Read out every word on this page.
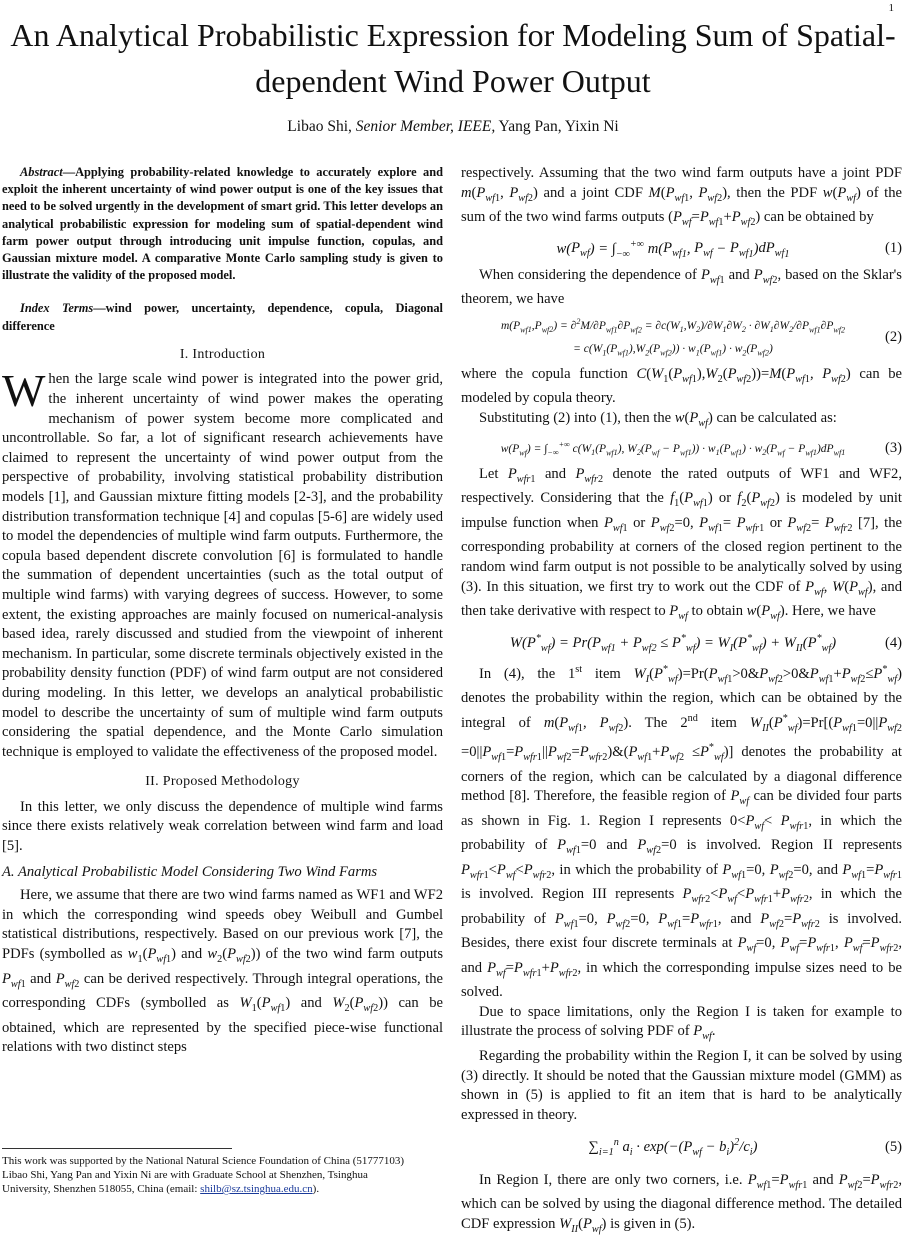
1
An Analytical Probabilistic Expression for Modeling Sum of Spatial-dependent Wind Power Output
Libao Shi, Senior Member, IEEE, Yang Pan, Yixin Ni

Abstract—Applying probability-related knowledge to accurately explore and exploit the inherent uncertainty of wind power output is one of the key issues that need to be solved urgently in the development of smart grid. This letter develops an analytical probabilistic expression for modeling sum of spatial-dependent wind farm power output through introducing unit impulse function, copulas, and Gaussian mixture model. A comparative Monte Carlo sampling study is given to illustrate the validity of the proposed model.

Index Terms—wind power, uncertainty, dependence, copula, Diagonal difference

I. Introduction

When the large scale wind power is integrated into the power grid, the inherent uncertainty of wind power makes the operating mechanism of power system become more complicated and uncontrollable. So far, a lot of significant research achievements have claimed to represent the uncertainty of wind power output from the perspective of probability, involving statistical probability distribution models [1], and Gaussian mixture fitting models [2-3], and the probability distribution transformation technique [4] and copulas [5-6] are widely used to model the dependencies of multiple wind farm outputs. Furthermore, the copula based dependent discrete convolution [6] is formulated to handle the summation of dependent uncertainties (such as the total output of multiple wind farms) with varying degrees of success. However, to some extent, the existing approaches are mainly focused on numerical-analysis based idea, rarely discussed and studied from the viewpoint of inherent mechanism. In particular, some discrete terminals objectively existed in the probability density function (PDF) of wind farm output are not considered during modeling. In this letter, we develops an analytical probabilistic model to describe the uncertainty of sum of multiple wind farm outputs considering the spatial dependence, and the Monte Carlo simulation technique is employed to validate the effectiveness of the proposed model.

II. Proposed Methodology

In this letter, we only discuss the dependence of multiple wind farms since there exists relatively weak correlation between wind farm and load [5].

A. Analytical Probabilistic Model Considering Two Wind Farms

Here, we assume that there are two wind farms named as WF1 and WF2 in which the corresponding wind speeds obey Weibull and Gumbel statistical distributions, respectively. Based on our previous work [7], the PDFs (symbolled as $w_1(P_{wf1})$ and $w_2(P_{wf2})$) of the two wind farm outputs $P_{wf1}$ and $P_{wf2}$ can be derived respectively. Through integral operations, the corresponding CDFs (symbolled as $W_1(P_{wf1})$ and $W_2(P_{wf2})$) can be obtained, which are represented by the specified piece-wise functional relations with two distinct steps

respectively. Assuming that the two wind farm outputs have a joint PDF $m(P_{wf1}$, $P_{wf2}$) and a joint CDF $M(P_{wf1}$, $P_{wf2}$), then the PDF $w(P_{wf})$ of the sum of the two wind farms outputs $(P_{wf}=P_{wf1}+P_{wf2})$ can be obtained by

$w(P_{wf}) = \int_{-\infty}^{+\infty}$ $m(P_{wf1}$, $P_{wf} - P_{wf1})dP_{wf1}$	(1)

When considering the dependence of $P_{wf1}$ and $P_{wf2}$, based on the Sklar's theorem, we have

$m(P_{wf1},P_{wf2}) = \partial^2M/\partial P_{wf1}\partial P_{wf2} = \partial c(W_1,W_2)/\partial W_1\partial W_2 \cdot \partial W_1\partial W_2/\partial P_{wf1}\partial P_{wf2}$
= $c(W_1(P_{wf1}),W_2(P_{wf2})) \cdot w_1(P_{wf1}) \cdot w_2(P_{wf2})$
(2)

where the copula function $C(W_1(P_{wf1}),W_2(P_{wf2}))=M(P_{wf1}$, $P_{wf2}$) can be modeled by copula theory.

Substituting (2) into (1), then the $w(P_{wf})$ can be calculated as:

$w(P_{wf}) = \int_{-\infty}^{+\infty}$ $c(W_1(P_{wf1})$, $W_2(P_{wf} - P_{wf1})) \cdot w_1(P_{wf1}) \cdot w_2(P_{wf} - P_{wf1})dP_{wf1}$	(3)

Let $P_{wfr1}$ and $P_{wfr2}$ denote the rated outputs of WF1 and WF2, respectively. Considering that the $f_1(P_{wf1})$ or $f_2(P_{wf2})$ is modeled by unit impulse function when $P_{wf1}$ or $P_{wf2}=0$, $P_{wf1}= P_{wfr1}$ or $P_{wf2}= P_{wfr2}$ [7], the corresponding probability at corners of the closed region pertinent to the random wind farm output is not possible to be analytically solved by using (3). In this situation, we first try to work out the CDF of $P_{wf}$, $W(P_{wf})$, and then take derivative with respect to $P_{wf}$ to obtain $w(P_{wf})$. Here, we have

$W(P^*_{wf}) = Pr(P_{wf1} + P_{wf2} \le P^*_{wf}) = W_I(P^*_{wf}) + W_{II}(P^*_{wf})$	(4)

In (4), the 1st item $W_I(P^*_{wf})=Pr(P_{wf1}>0\&P_{wf2}>0\&P_{wf1}+P_{wf2}\le P^*_{wf})$ denotes the probability within the region, which can be obtained by the integral of $m(P_{wf1}$, $P_{wf2}$). The 2nd item $W_{II}(P^*_{wf})=Pr[(P_{wf1}=0||P_{wf2}$ $=0||P_{wf1}=P_{wfr1}||P_{wf2}=P_{wfr2})\&(P_{wf1}+P_{wf2} \le P^*_{wf})$] denotes the probability at corners of the region, which can be calculated by a diagonal difference method [8]. Therefore, the feasible region of $P_{wf}$ can be divided four parts as shown in Fig. 1. Region I represents $0<P_{wf}< P_{wfr1}$, in which the probability of $P_{wf1}=0$ and $P_{wf2}=0$ is involved. Region II represents $P_{wfr1}<P_{wf}<P_{wfr2}$, in which the probability of $P_{wf1}=0$, $P_{wf2}=0$, and $P_{wf1}=P_{wfr1}$ is involved. Region III represents $P_{wfr2}<P_{wf}<P_{wfr1}+P_{wfr2}$, in which the probability of $P_{wf1}=0$, $P_{wf2}=0$, $P_{wf1}=P_{wfr1}$, and $P_{wf2}=P_{wfr2}$ is involved. Besides, there exist four discrete terminals at $P_{wf}=0$, $P_{wf}=P_{wfr1}$, $P_{wf}=P_{wfr2}$, and $P_{wf}=P_{wfr1}+P_{wfr2}$, in which the corresponding impulse sizes need to be solved.

Due to space limitations, only the Region I is taken for example to illustrate the process of solving PDF of $P_{wf}$.

Regarding the probability within the Region I, it can be solved by using (3) directly. It should be noted that the Gaussian mixture model (GMM) as shown in (5) is applied to fit an item that is hard to be analytically expressed in theory.

$\sum_{i=1}^n$ $a_i \cdot \exp(-(P_{wf} - b_i)^2/c_i)$	(5)

In Region I, there are only two corners, i.e. $P_{wf1}=P_{wfr1}$ and $P_{wf2}=P_{wfr2}$, which can be solved by using the diagonal difference method. The detailed CDF expression $W_{II}(P_{wf})$ is given in (5).

This work was supported by the National Natural Science Foundation of China (51777103)
Libao Shi, Yang Pan and Yixin Ni are with Graduate School at Shenzhen, Tsinghua
University, Shenzhen 518055, China (email: shilb@sz.tsinghua.edu.cn).
